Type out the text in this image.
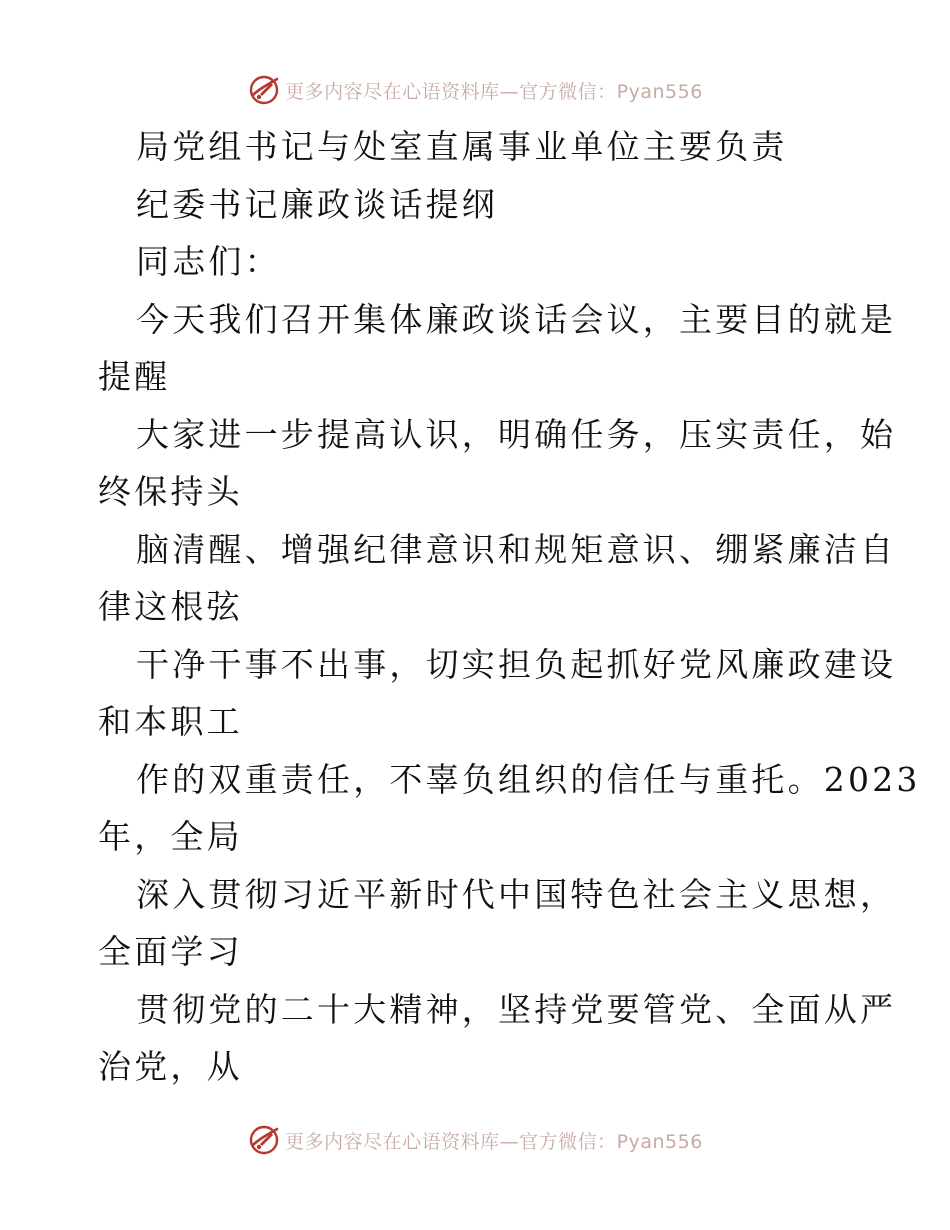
更多内容尽在心语资料库—官方微信：Pyan556
局党组书记与处室直属事业单位主要负责
纪委书记廉政谈话提纲
同志们：
今天我们召开集体廉政谈话会议，主要目的就是
提醒
大家进一步提高认识，明确任务，压实责任，始
终保持头
脑清醒、增强纪律意识和规矩意识、绷紧廉洁自
律这根弦
干净干事不出事，切实担负起抓好党风廉政建设
和本职工
作的双重责任，不辜负组织的信任与重托。2023
年，全局
深入贯彻习近平新时代中国特色社会主义思想，
全面学习
贯彻党的二十大精神，坚持党要管党、全面从严
治党，从
更多内容尽在心语资料库—官方微信：Pyan556
